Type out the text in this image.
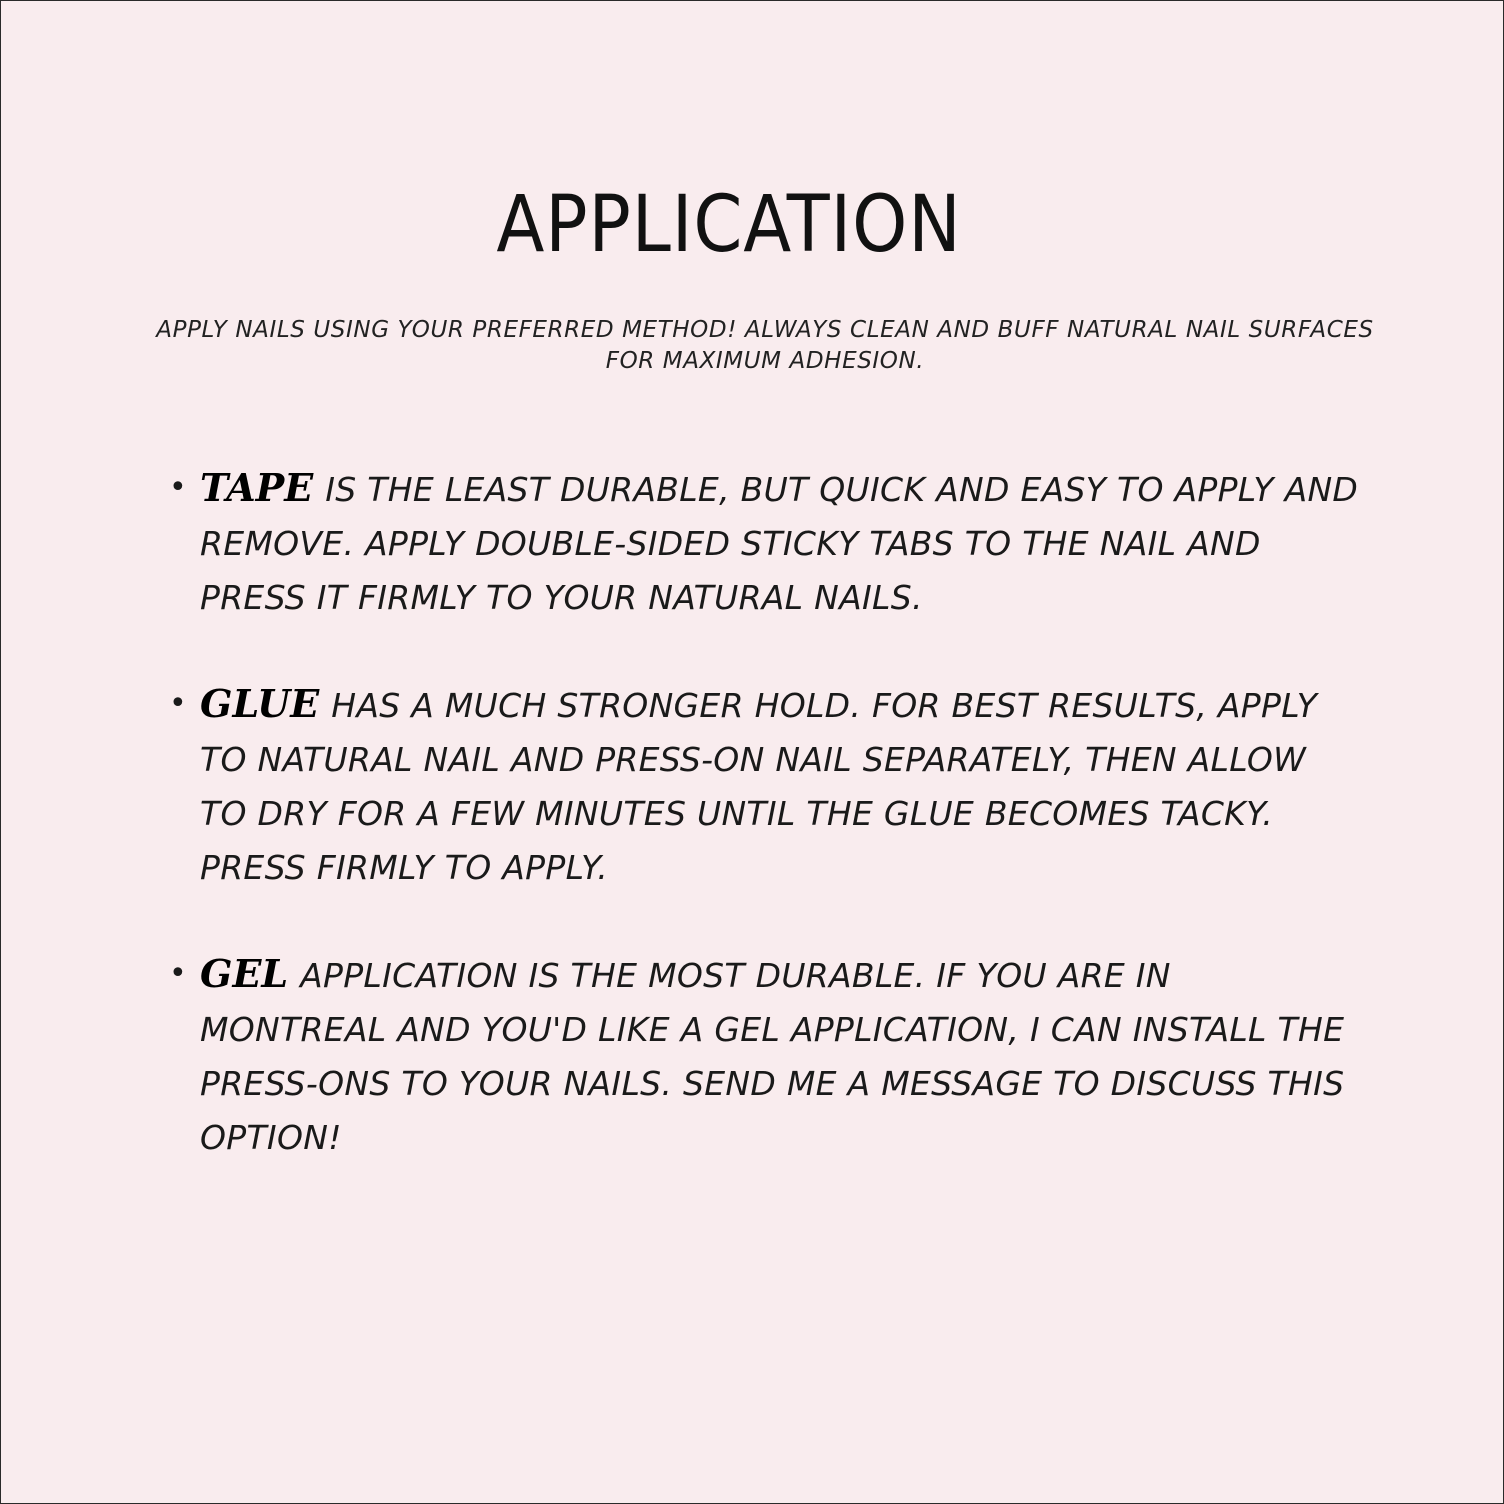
APPLICATION

APPLY NAILS USING YOUR PREFERRED METHOD! ALWAYS CLEAN AND BUFF NATURAL NAIL SURFACES FOR MAXIMUM ADHESION.

• TAPE IS THE LEAST DURABLE, BUT QUICK AND EASY TO APPLY AND REMOVE. APPLY DOUBLE-SIDED STICKY TABS TO THE NAIL AND PRESS IT FIRMLY TO YOUR NATURAL NAILS.
• GLUE HAS A MUCH STRONGER HOLD. FOR BEST RESULTS, APPLY TO NATURAL NAIL AND PRESS-ON NAIL SEPARATELY, THEN ALLOW TO DRY FOR A FEW MINUTES UNTIL THE GLUE BECOMES TACKY. PRESS FIRMLY TO APPLY.
• GEL APPLICATION IS THE MOST DURABLE. IF YOU ARE IN MONTREAL AND YOU'D LIKE A GEL APPLICATION, I CAN INSTALL THE PRESS-ONS TO YOUR NAILS. SEND ME A MESSAGE TO DISCUSS THIS OPTION!
